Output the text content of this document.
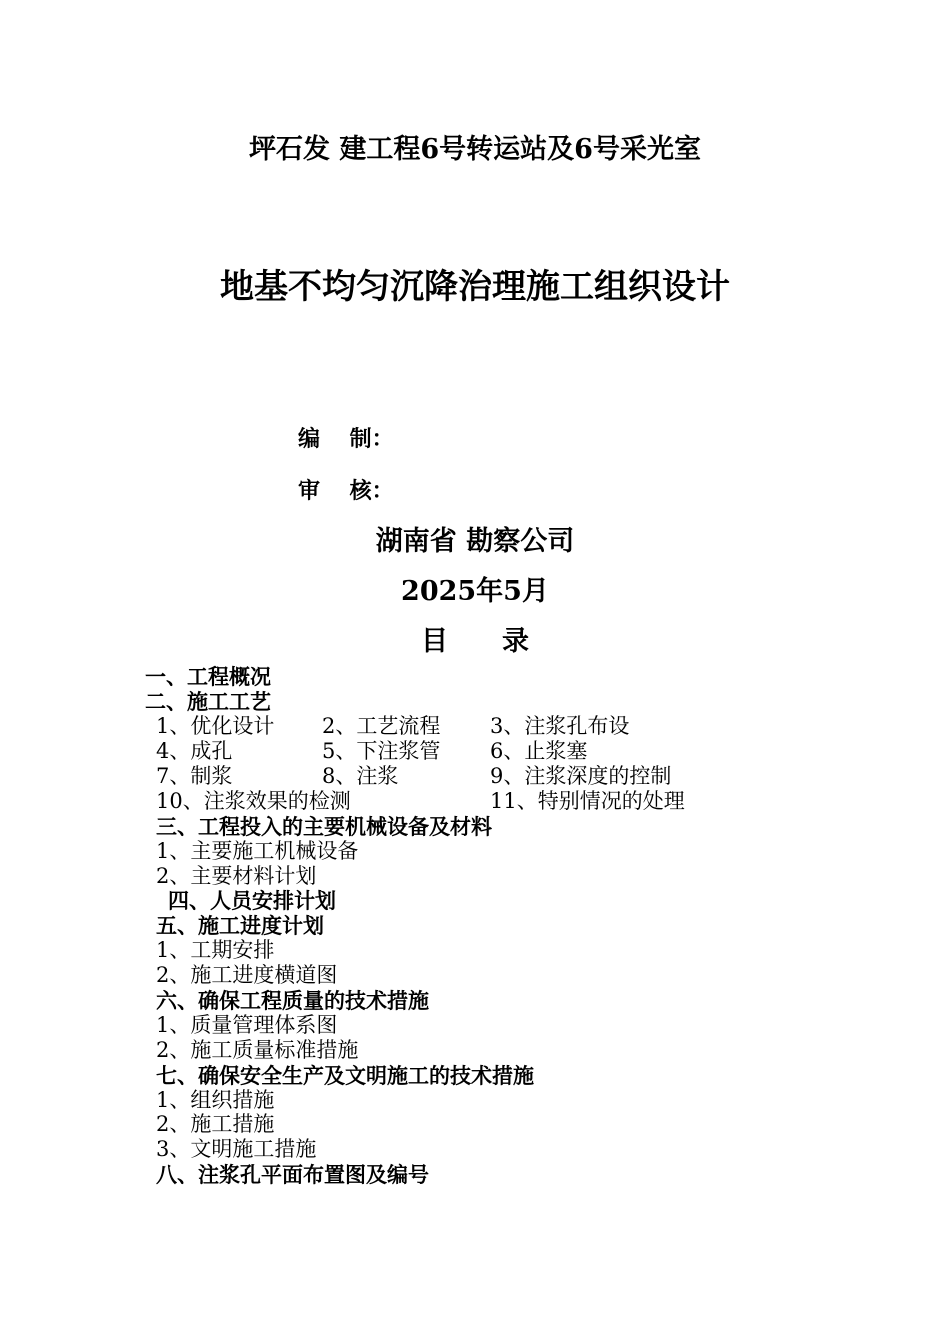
坪石发 建工程6号转运站及6号采光室
地基不均匀沉降治理施工组织设计
编　 制：
审　 核：
湖南省 勘察公司
2025年5月
目　　录
一、工程概况
二、施工工艺
1、优化设计 2、工艺流程 3、注浆孔布设
4、成孔	5、下注浆管 6、止浆塞
7、制浆	8、注浆	9、注浆深度的控制
10、注浆效果的检测	11、特别情况的处理
三、工程投入的主要机械设备及材料
1、主要施工机械设备
2、主要材料计划
四、人员安排计划
五、施工进度计划
1、工期安排
2、施工进度横道图
六、确保工程质量的技术措施
1、质量管理体系图
2、施工质量标准措施
七、确保安全生产及文明施工的技术措施
1、组织措施
2、施工措施
3、文明施工措施
八、注浆孔平面布置图及编号
